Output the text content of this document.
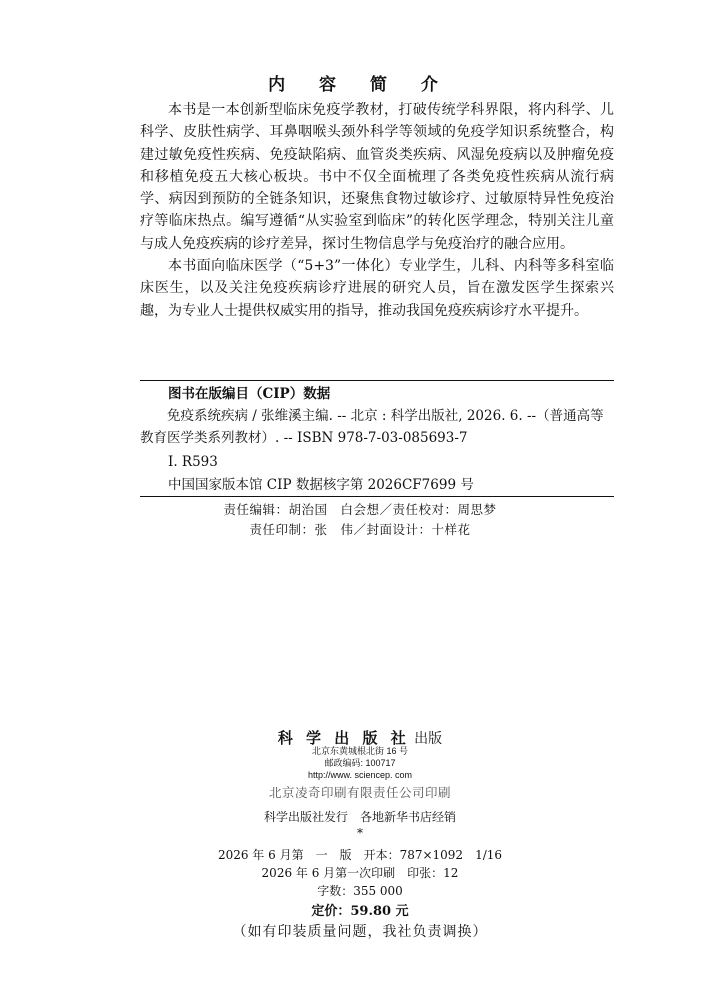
内 容 简 介

本书是一本创新型临床免疫学教材，打破传统学科界限，将内科学、儿科学、皮肤性病学、耳鼻咽喉头颈外科学等领域的免疫学知识系统整合，构建过敏免疫性疾病、免疫缺陷病、血管炎类疾病、风湿免疫病以及肿瘤免疫和移植免疫五大核心板块。书中不仅全面梳理了各类免疫性疾病从流行病学、病因到预防的全链条知识，还聚焦食物过敏诊疗、过敏原特异性免疫治疗等临床热点。编写遵循“从实验室到临床”的转化医学理念，特别关注儿童与成人免疫疾病的诊疗差异，探讨生物信息学与免疫治疗的融合应用。

本书面向临床医学（“5+3”一体化）专业学生，儿科、内科等多科室临床医生，以及关注免疫疾病诊疗进展的研究人员，旨在激发医学生探索兴趣，为专业人士提供权威实用的指导，推动我国免疫疾病诊疗水平提升。

图书在版编目（CIP）数据
免疫系统疾病 / 张维溪主编. -- 北京 : 科学出版社, 2026. 6. --（普通高等教育医学类系列教材）. -- ISBN 978-7-03-085693-7
Ⅰ. R593
中国国家版本馆 CIP 数据核字第 2026CF7699 号
责任编辑：胡治国　白会想／责任校对：周思梦
责任印制：张　伟／封面设计：十样花
科 学 出 版 社 出版
北京东黄城根北街 16 号
邮政编码: 100717
http://www. sciencep. com
北京凌奇印刷有限责任公司印刷
科学出版社发行　各地新华书店经销
*
2026 年 6 月第　一　版　开本：787×1092　1/16
2026 年 6 月第一次印刷　印张：12
字数：355 000
定价：59.80 元
（如有印装质量问题，我社负责调换）
